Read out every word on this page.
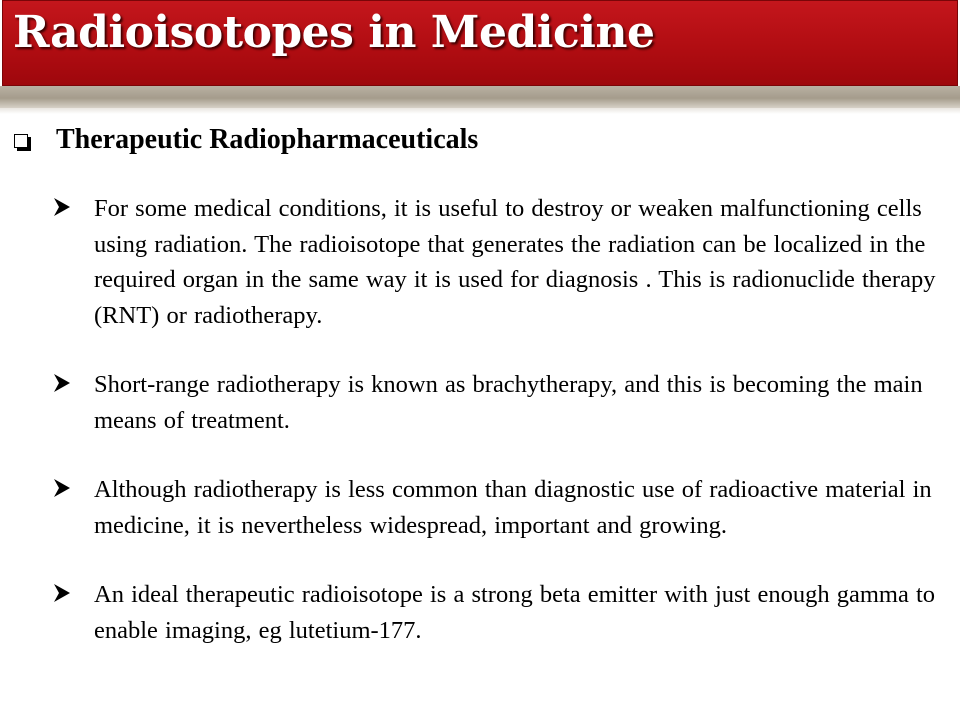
Radioisotopes in Medicine
Therapeutic Radiopharmaceuticals
For some medical conditions, it is useful to destroy or weaken malfunctioning cells using radiation. The radioisotope that generates the radiation can be localized in the required organ in the same way it is used for diagnosis . This is radionuclide therapy (RNT) or radiotherapy.
Short-range radiotherapy is known as brachytherapy, and this is becoming the main means of treatment.
Although radiotherapy is less common than diagnostic use of radioactive material in medicine, it is nevertheless widespread, important and growing.
An ideal therapeutic radioisotope is a strong beta emitter with just enough gamma to enable imaging, eg lutetium-177.
